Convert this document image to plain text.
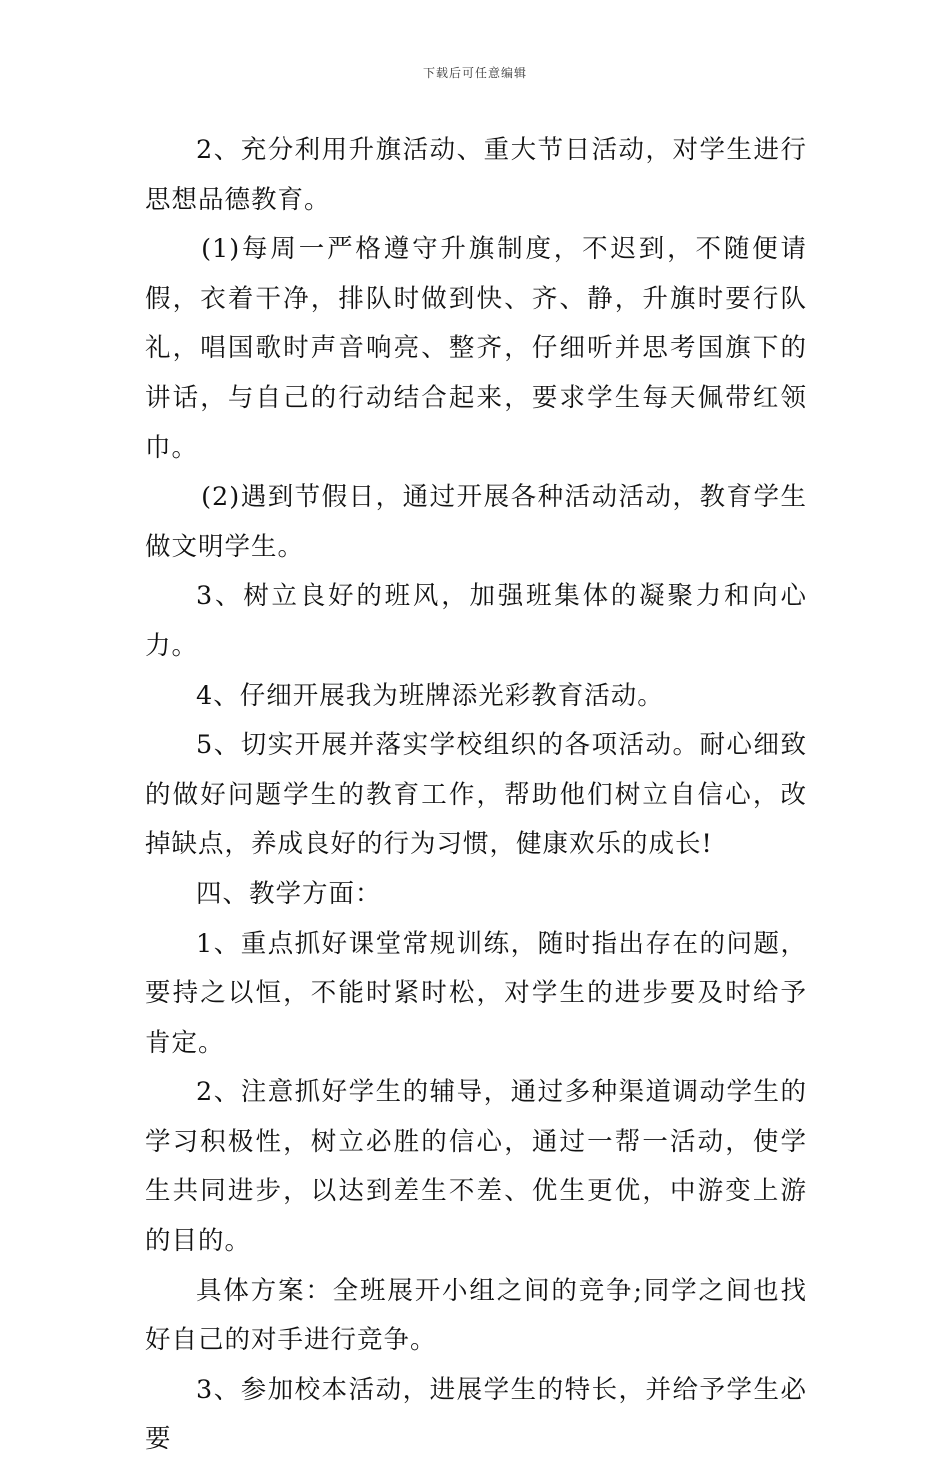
下载后可任意编辑

2、充分利用升旗活动、重大节日活动，对学生进行思想品德教育。

(1)每周一严格遵守升旗制度，不迟到，不随便请假，衣着干净，排队时做到快、齐、静，升旗时要行队礼，唱国歌时声音响亮、整齐，仔细听并思考国旗下的讲话，与自己的行动结合起来，要求学生每天佩带红领巾。

(2)遇到节假日，通过开展各种活动活动，教育学生做文明学生。

3、树立良好的班风，加强班集体的凝聚力和向心力。

4、仔细开展我为班牌添光彩教育活动。

5、切实开展并落实学校组织的各项活动。耐心细致的做好问题学生的教育工作，帮助他们树立自信心，改掉缺点，养成良好的行为习惯，健康欢乐的成长!

四、教学方面：

1、重点抓好课堂常规训练，随时指出存在的问题，要持之以恒，不能时紧时松，对学生的进步要及时给予肯定。

2、注意抓好学生的辅导，通过多种渠道调动学生的学习积极性，树立必胜的信心，通过一帮一活动，使学生共同进步，以达到差生不差、优生更优，中游变上游的目的。

具体方案：全班展开小组之间的竞争;同学之间也找好自己的对手进行竞争。

3、参加校本活动，进展学生的特长，并给予学生必要
